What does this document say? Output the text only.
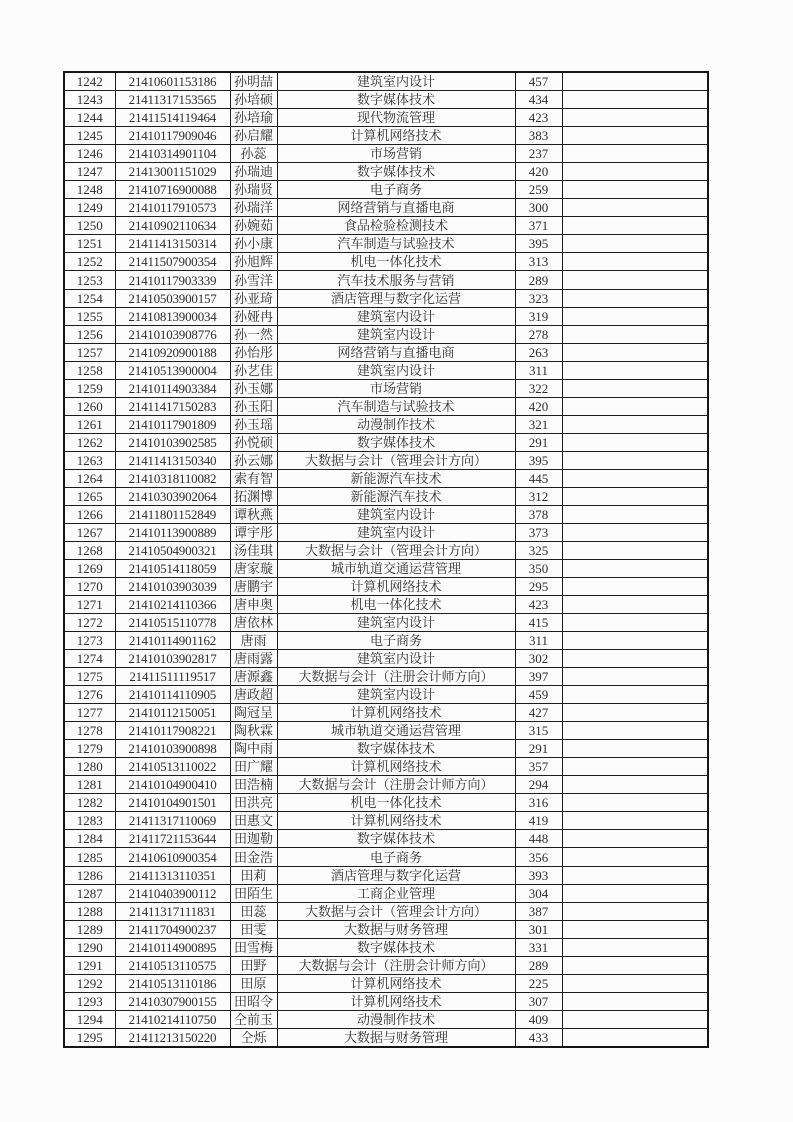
1242	21410601153186	孙明喆	建筑室内设计	457	
1243	21411317153565	孙培硕	数字媒体技术	434	
1244	21411514119464	孙培瑜	现代物流管理	423	
1245	21410117909046	孙启耀	计算机网络技术	383	
1246	21410314901104	孙蕊	市场营销	237	
1247	21413001151029	孙瑞迪	数字媒体技术	420	
1248	21410716900088	孙瑞贤	电子商务	259	
1249	21410117910573	孙瑞洋	网络营销与直播电商	300	
1250	21410902110634	孙婉茹	食品检验检测技术	371	
1251	21411413150314	孙小康	汽车制造与试验技术	395	
1252	21411507900354	孙旭辉	机电一体化技术	313	
1253	21410117903339	孙雪洋	汽车技术服务与营销	289	
1254	21410503900157	孙亚琦	酒店管理与数字化运营	323	
1255	21410813900034	孙娅冉	建筑室内设计	319	
1256	21410103908776	孙一然	建筑室内设计	278	
1257	21410920900188	孙怡彤	网络营销与直播电商	263	
1258	21410513900004	孙艺佳	建筑室内设计	311	
1259	21410114903384	孙玉娜	市场营销	322	
1260	21411417150283	孙玉阳	汽车制造与试验技术	420	
1261	21410117901809	孙玉瑶	动漫制作技术	321	
1262	21410103902585	孙悦硕	数字媒体技术	291	
1263	21411413150340	孙云娜	大数据与会计（管理会计方向）	395	
1264	21410318110082	索有智	新能源汽车技术	445	
1265	21410303902064	拓渊博	新能源汽车技术	312	
1266	21411801152849	谭秋燕	建筑室内设计	378	
1267	21410113900889	谭宇彤	建筑室内设计	373	
1268	21410504900321	汤佳琪	大数据与会计（管理会计方向）	325	
1269	21410514118059	唐家璇	城市轨道交通运营管理	350	
1270	21410103903039	唐鹏宇	计算机网络技术	295	
1271	21410214110366	唐申奥	机电一体化技术	423	
1272	21410515110778	唐依林	建筑室内设计	415	
1273	21410114901162	唐雨	电子商务	311	
1274	21410103902817	唐雨露	建筑室内设计	302	
1275	21411511119517	唐源鑫	大数据与会计（注册会计师方向）	397	
1276	21410114110905	唐政超	建筑室内设计	459	
1277	21410112150051	陶冠呈	计算机网络技术	427	
1278	21410117908221	陶秋霖	城市轨道交通运营管理	315	
1279	21410103900898	陶中雨	数字媒体技术	291	
1280	21410513110022	田广耀	计算机网络技术	357	
1281	21410104900410	田浩楠	大数据与会计（注册会计师方向）	294	
1282	21410104901501	田洪亮	机电一体化技术	316	
1283	21411317110069	田惠文	计算机网络技术	419	
1284	21411721153644	田迦勒	数字媒体技术	448	
1285	21410610900354	田金浩	电子商务	356	
1286	21411313110351	田莉	酒店管理与数字化运营	393	
1287	21410403900112	田陌生	工商企业管理	304	
1288	21411317111831	田蕊	大数据与会计（管理会计方向）	387	
1289	21411704900237	田雯	大数据与财务管理	301	
1290	21410114900895	田雪梅	数字媒体技术	331	
1291	21410513110575	田野	大数据与会计（注册会计师方向）	289	
1292	21410513110186	田原	计算机网络技术	225	
1293	21410307900155	田昭令	计算机网络技术	307	
1294	21410214110750	仝前玉	动漫制作技术	409	
1295	21411213150220	仝烁	大数据与财务管理	433	
